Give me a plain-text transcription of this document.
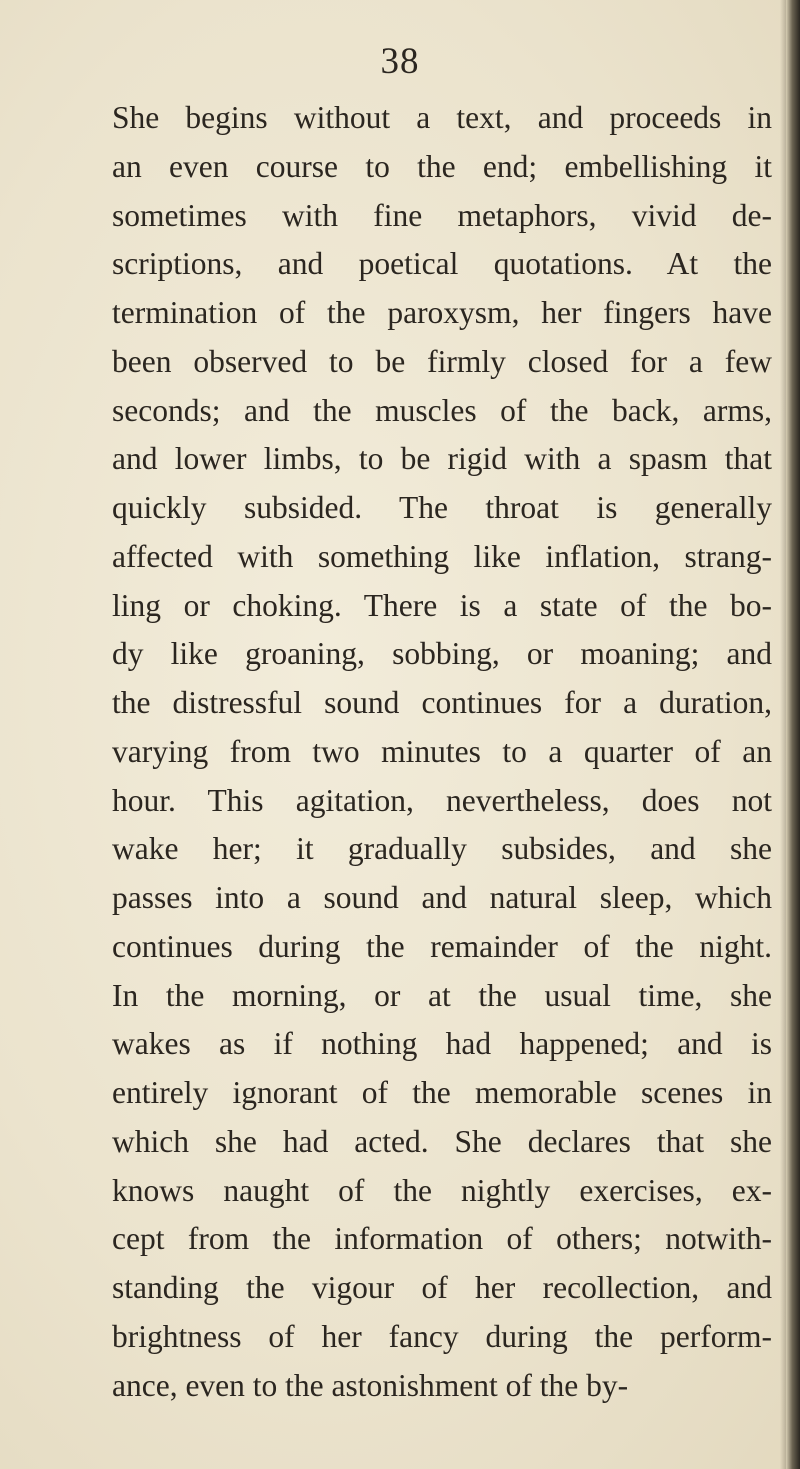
38
She begins without a text, and proceeds in
an even course to the end; embellishing it
sometimes with fine metaphors, vivid de-
scriptions, and poetical quotations. At the
termination of the paroxysm, her fingers have
been observed to be firmly closed for a few
seconds; and the muscles of the back, arms,
and lower limbs, to be rigid with a spasm that
quickly subsided. The throat is generally
affected with something like inflation, strang-
ling or choking. There is a state of the bo-
dy like groaning, sobbing, or moaning; and
the distressful sound continues for a duration,
varying from two minutes to a quarter of an
hour. This agitation, nevertheless, does not
wake her; it gradually subsides, and she
passes into a sound and natural sleep, which
continues during the remainder of the night.
In the morning, or at the usual time, she
wakes as if nothing had happened; and is
entirely ignorant of the memorable scenes in
which she had acted. She declares that she
knows naught of the nightly exercises, ex-
cept from the information of others; notwith-
standing the vigour of her recollection, and
brightness of her fancy during the perform-
ance, even to the astonishment of the by-
